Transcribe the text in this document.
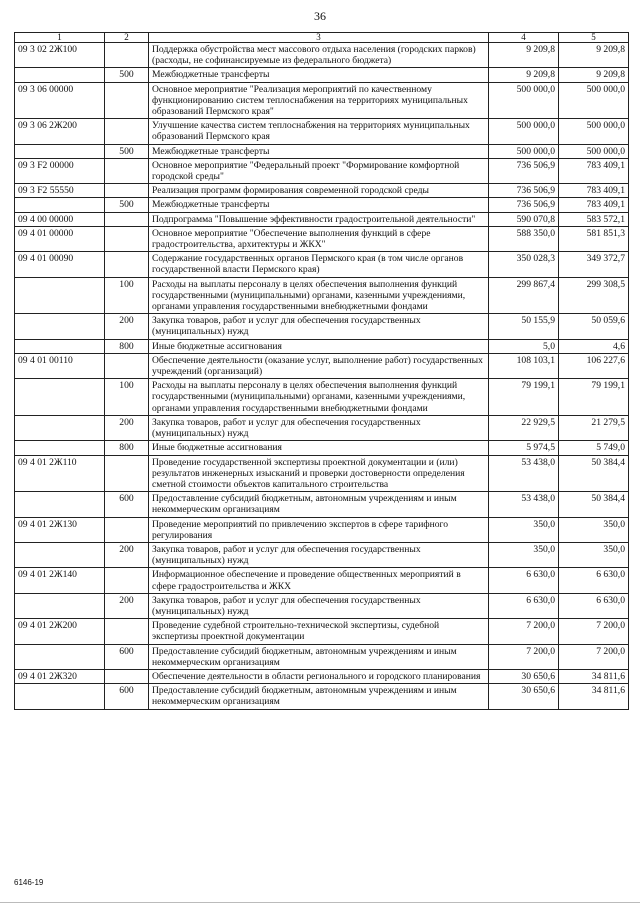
36
1	2	3	4	5
09 3 02 2Ж100		Поддержка обустройства мест массового отдыха населения (городских парков) (расходы, не софинансируемые из федерального бюджета)	9 209,8	9 209,8
	500	Межбюджетные трансферты	9 209,8	9 209,8
09 3 06 00000		Основное мероприятие "Реализация мероприятий по качественному функционированию систем теплоснабжения на территориях муниципальных образований Пермского края"	500 000,0	500 000,0
09 3 06 2Ж200		Улучшение качества систем теплоснабжения на территориях муниципальных образований Пермского края	500 000,0	500 000,0
	500	Межбюджетные трансферты	500 000,0	500 000,0
09 3 F2 00000		Основное мероприятие "Федеральный проект "Формирование комфортной городской среды"	736 506,9	783 409,1
09 3 F2 55550		Реализация программ формирования современной городской среды	736 506,9	783 409,1
	500	Межбюджетные трансферты	736 506,9	783 409,1
09 4 00 00000		Подпрограмма "Повышение эффективности градостроительной деятельности"	590 070,8	583 572,1
09 4 01 00000		Основное мероприятие "Обеспечение выполнения функций в сфере градостроительства, архитектуры и ЖКХ"	588 350,0	581 851,3
09 4 01 00090		Содержание государственных органов Пермского края (в том числе органов государственной власти Пермского края)	350 028,3	349 372,7
	100	Расходы на выплаты персоналу в целях обеспечения выполнения функций государственными (муниципальными) органами, казенными учреждениями, органами управления государственными внебюджетными фондами	299 867,4	299 308,5
	200	Закупка товаров, работ и услуг для обеспечения государственных (муниципальных) нужд	50 155,9	50 059,6
	800	Иные бюджетные ассигнования	5,0	4,6
09 4 01 00110		Обеспечение деятельности (оказание услуг, выполнение работ) государственных учреждений (организаций)	108 103,1	106 227,6
	100	Расходы на выплаты персоналу в целях обеспечения выполнения функций государственными (муниципальными) органами, казенными учреждениями, органами управления государственными внебюджетными фондами	79 199,1	79 199,1
	200	Закупка товаров, работ и услуг для обеспечения государственных (муниципальных) нужд	22 929,5	21 279,5
	800	Иные бюджетные ассигнования	5 974,5	5 749,0
09 4 01 2Ж110		Проведение государственной экспертизы проектной документации и (или) результатов инженерных изысканий и проверки достоверности определения сметной стоимости объектов капитального строительства	53 438,0	50 384,4
	600	Предоставление субсидий бюджетным, автономным учреждениям и иным некоммерческим организациям	53 438,0	50 384,4
09 4 01 2Ж130		Проведение мероприятий по привлечению экспертов в сфере тарифного регулирования	350,0	350,0
	200	Закупка товаров, работ и услуг для обеспечения государственных (муниципальных) нужд	350,0	350,0
09 4 01 2Ж140		Информационное обеспечение и проведение общественных мероприятий в сфере градостроительства и ЖКХ	6 630,0	6 630,0
	200	Закупка товаров, работ и услуг для обеспечения государственных (муниципальных) нужд	6 630,0	6 630,0
09 4 01 2Ж200		Проведение судебной строительно-технической экспертизы, судебной экспертизы проектной документации	7 200,0	7 200,0
	600	Предоставление субсидий бюджетным, автономным учреждениям и иным некоммерческим организациям	7 200,0	7 200,0
09 4 01 2Ж320		Обеспечение деятельности в области регионального и городского планирования	30 650,6	34 811,6
	600	Предоставление субсидий бюджетным, автономным учреждениям и иным некоммерческим организациям	30 650,6	34 811,6
6146-19
